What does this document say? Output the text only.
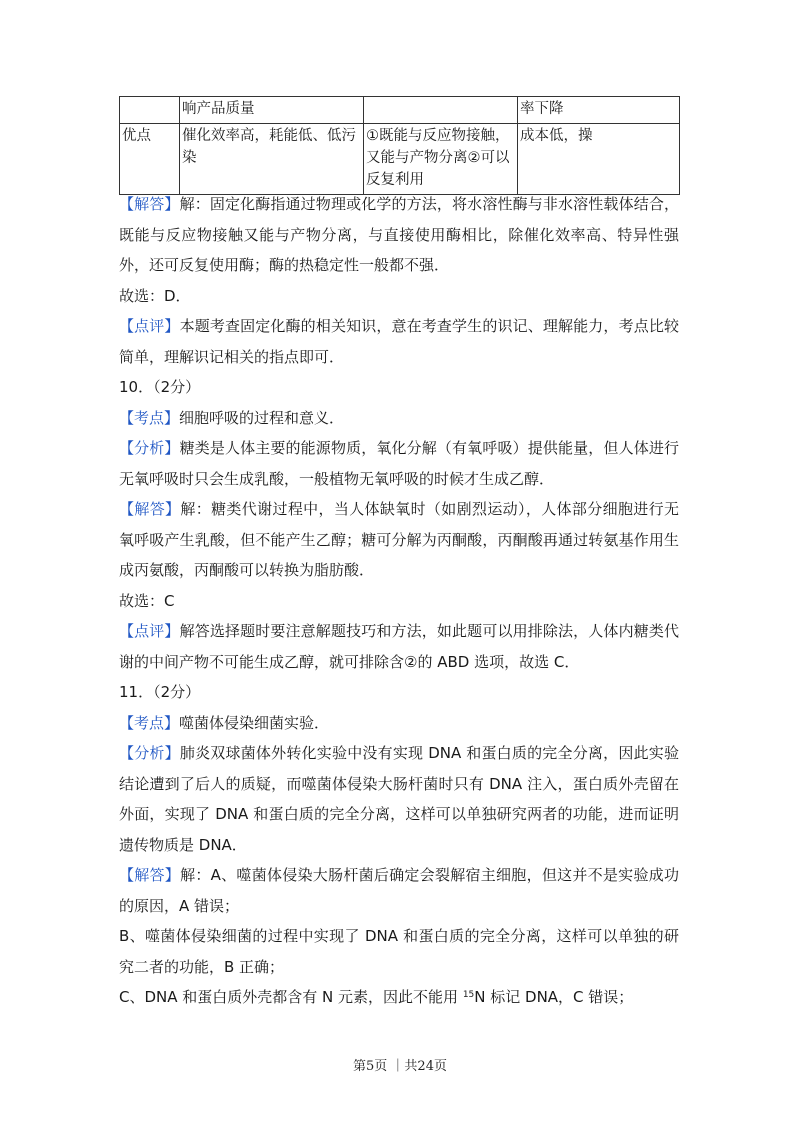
	响产品质量		率下降
优点	催化效率高，耗能低、低污染	①既能与反应物接触，又能与产物分离②可以反复利用	成本低，操

【解答】解：固定化酶指通过物理或化学的方法，将水溶性酶与非水溶性载体结合，既能与反应物接触又能与产物分离，与直接使用酶相比，除催化效率高、特异性强外，还可反复使用酶；酶的热稳定性一般都不强．

故选：D．

【点评】本题考查固定化酶的相关知识，意在考查学生的识记、理解能力，考点比较简单，理解识记相关的指点即可．

10．（2分）

【考点】细胞呼吸的过程和意义．

【分析】糖类是人体主要的能源物质，氧化分解（有氧呼吸）提供能量，但人体进行无氧呼吸时只会生成乳酸，一般植物无氧呼吸的时候才生成乙醇．

【解答】解：糖类代谢过程中，当人体缺氧时（如剧烈运动），人体部分细胞进行无氧呼吸产生乳酸，但不能产生乙醇；糖可分解为丙酮酸，丙酮酸再通过转氨基作用生成丙氨酸，丙酮酸可以转换为脂肪酸．

故选：C

【点评】解答选择题时要注意解题技巧和方法，如此题可以用排除法，人体内糖类代谢的中间产物不可能生成乙醇，就可排除含②的 ABD 选项，故选 C．

11．（2分）

【考点】噬菌体侵染细菌实验．

【分析】肺炎双球菌体外转化实验中没有实现 DNA 和蛋白质的完全分离，因此实验结论遭到了后人的质疑，而噬菌体侵染大肠杆菌时只有 DNA 注入，蛋白质外壳留在外面，实现了 DNA 和蛋白质的完全分离，这样可以单独研究两者的功能，进而证明遗传物质是 DNA．

【解答】解：A、噬菌体侵染大肠杆菌后确定会裂解宿主细胞，但这并不是实验成功的原因，A 错误；

B、噬菌体侵染细菌的过程中实现了 DNA 和蛋白质的完全分离，这样可以单独的研究二者的功能，B 正确；

C、DNA 和蛋白质外壳都含有 N 元素，因此不能用 $^{15}$N 标记 DNA，C 错误；

第5页 ｜共24页
